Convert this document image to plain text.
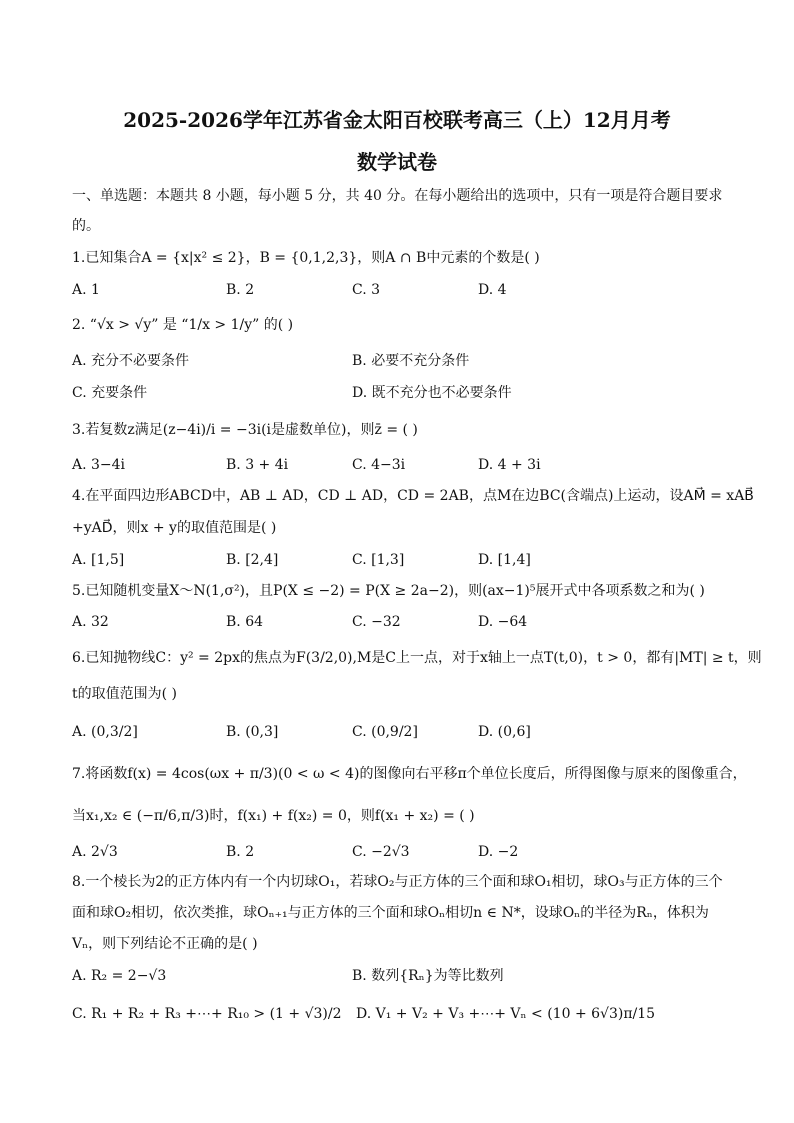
2025-2026学年江苏省金太阳百校联考高三（上）12月月考
数学试卷
一、单选题：本题共 8 小题，每小题 5 分，共 40 分。在每小题给出的选项中，只有一项是符合题目要求
的。
1.已知集合A = {x|x² ≤ 2}，B = {0,1,2,3}，则A ∩ B中元素的个数是( )
A. 1	B. 2	C. 3	D. 4
2. “√x > √y” 是 “1/x > 1/y” 的( )
A. 充分不必要条件	B. 必要不充分条件
C. 充要条件	D. 既不充分也不必要条件
3.若复数z满足(z−4i)/i = −3i(i是虚数单位)，则z̄ = ( )
A. 3−4i	B. 3 + 4i	C. 4−3i	D. 4 + 3i
4.在平面四边形ABCD中，AB ⊥ AD，CD ⊥ AD，CD = 2AB，点M在边BC(含端点)上运动，设AM⃗ = xAB⃗
+yAD⃗，则x + y的取值范围是( )
A. [1,5]	B. [2,4]	C. [1,3]	D. [1,4]
5.已知随机变量X～N(1,σ²)，且P(X ≤ −2) = P(X ≥ 2a−2)，则(ax−1)⁵展开式中各项系数之和为( )
A. 32	B. 64	C. −32	D. −64
6.已知抛物线C：y² = 2px的焦点为F(3/2,0),M是C上一点，对于x轴上一点T(t,0)，t > 0，都有|MT| ≥ t，则
t的取值范围为( )
A. (0,3/2]	B. (0,3]	C. (0,9/2]	D. (0,6]
7.将函数f(x) = 4cos(ωx + π/3)(0 < ω < 4)的图像向右平移π个单位长度后，所得图像与原来的图像重合，
当x₁,x₂ ∈ (−π/6,π/3)时，f(x₁) + f(x₂) = 0，则f(x₁ + x₂) = ( )
A. 2√3	B. 2	C. −2√3	D. −2
8.一个棱长为2的正方体内有一个内切球O₁，若球O₂与正方体的三个面和球O₁相切，球O₃与正方体的三个
面和球O₂相切，依次类推，球Oₙ₊₁与正方体的三个面和球Oₙ相切n ∈ N*，设球Oₙ的半径为Rₙ，体积为
Vₙ，则下列结论不正确的是( )
A. R₂ = 2−√3	B. 数列{Rₙ}为等比数列
C. R₁ + R₂ + R₃ +⋯+ R₁₀ > (1 + √3)/2 D. V₁ + V₂ + V₃ +⋯+ Vₙ < (10 + 6√3)π/15
